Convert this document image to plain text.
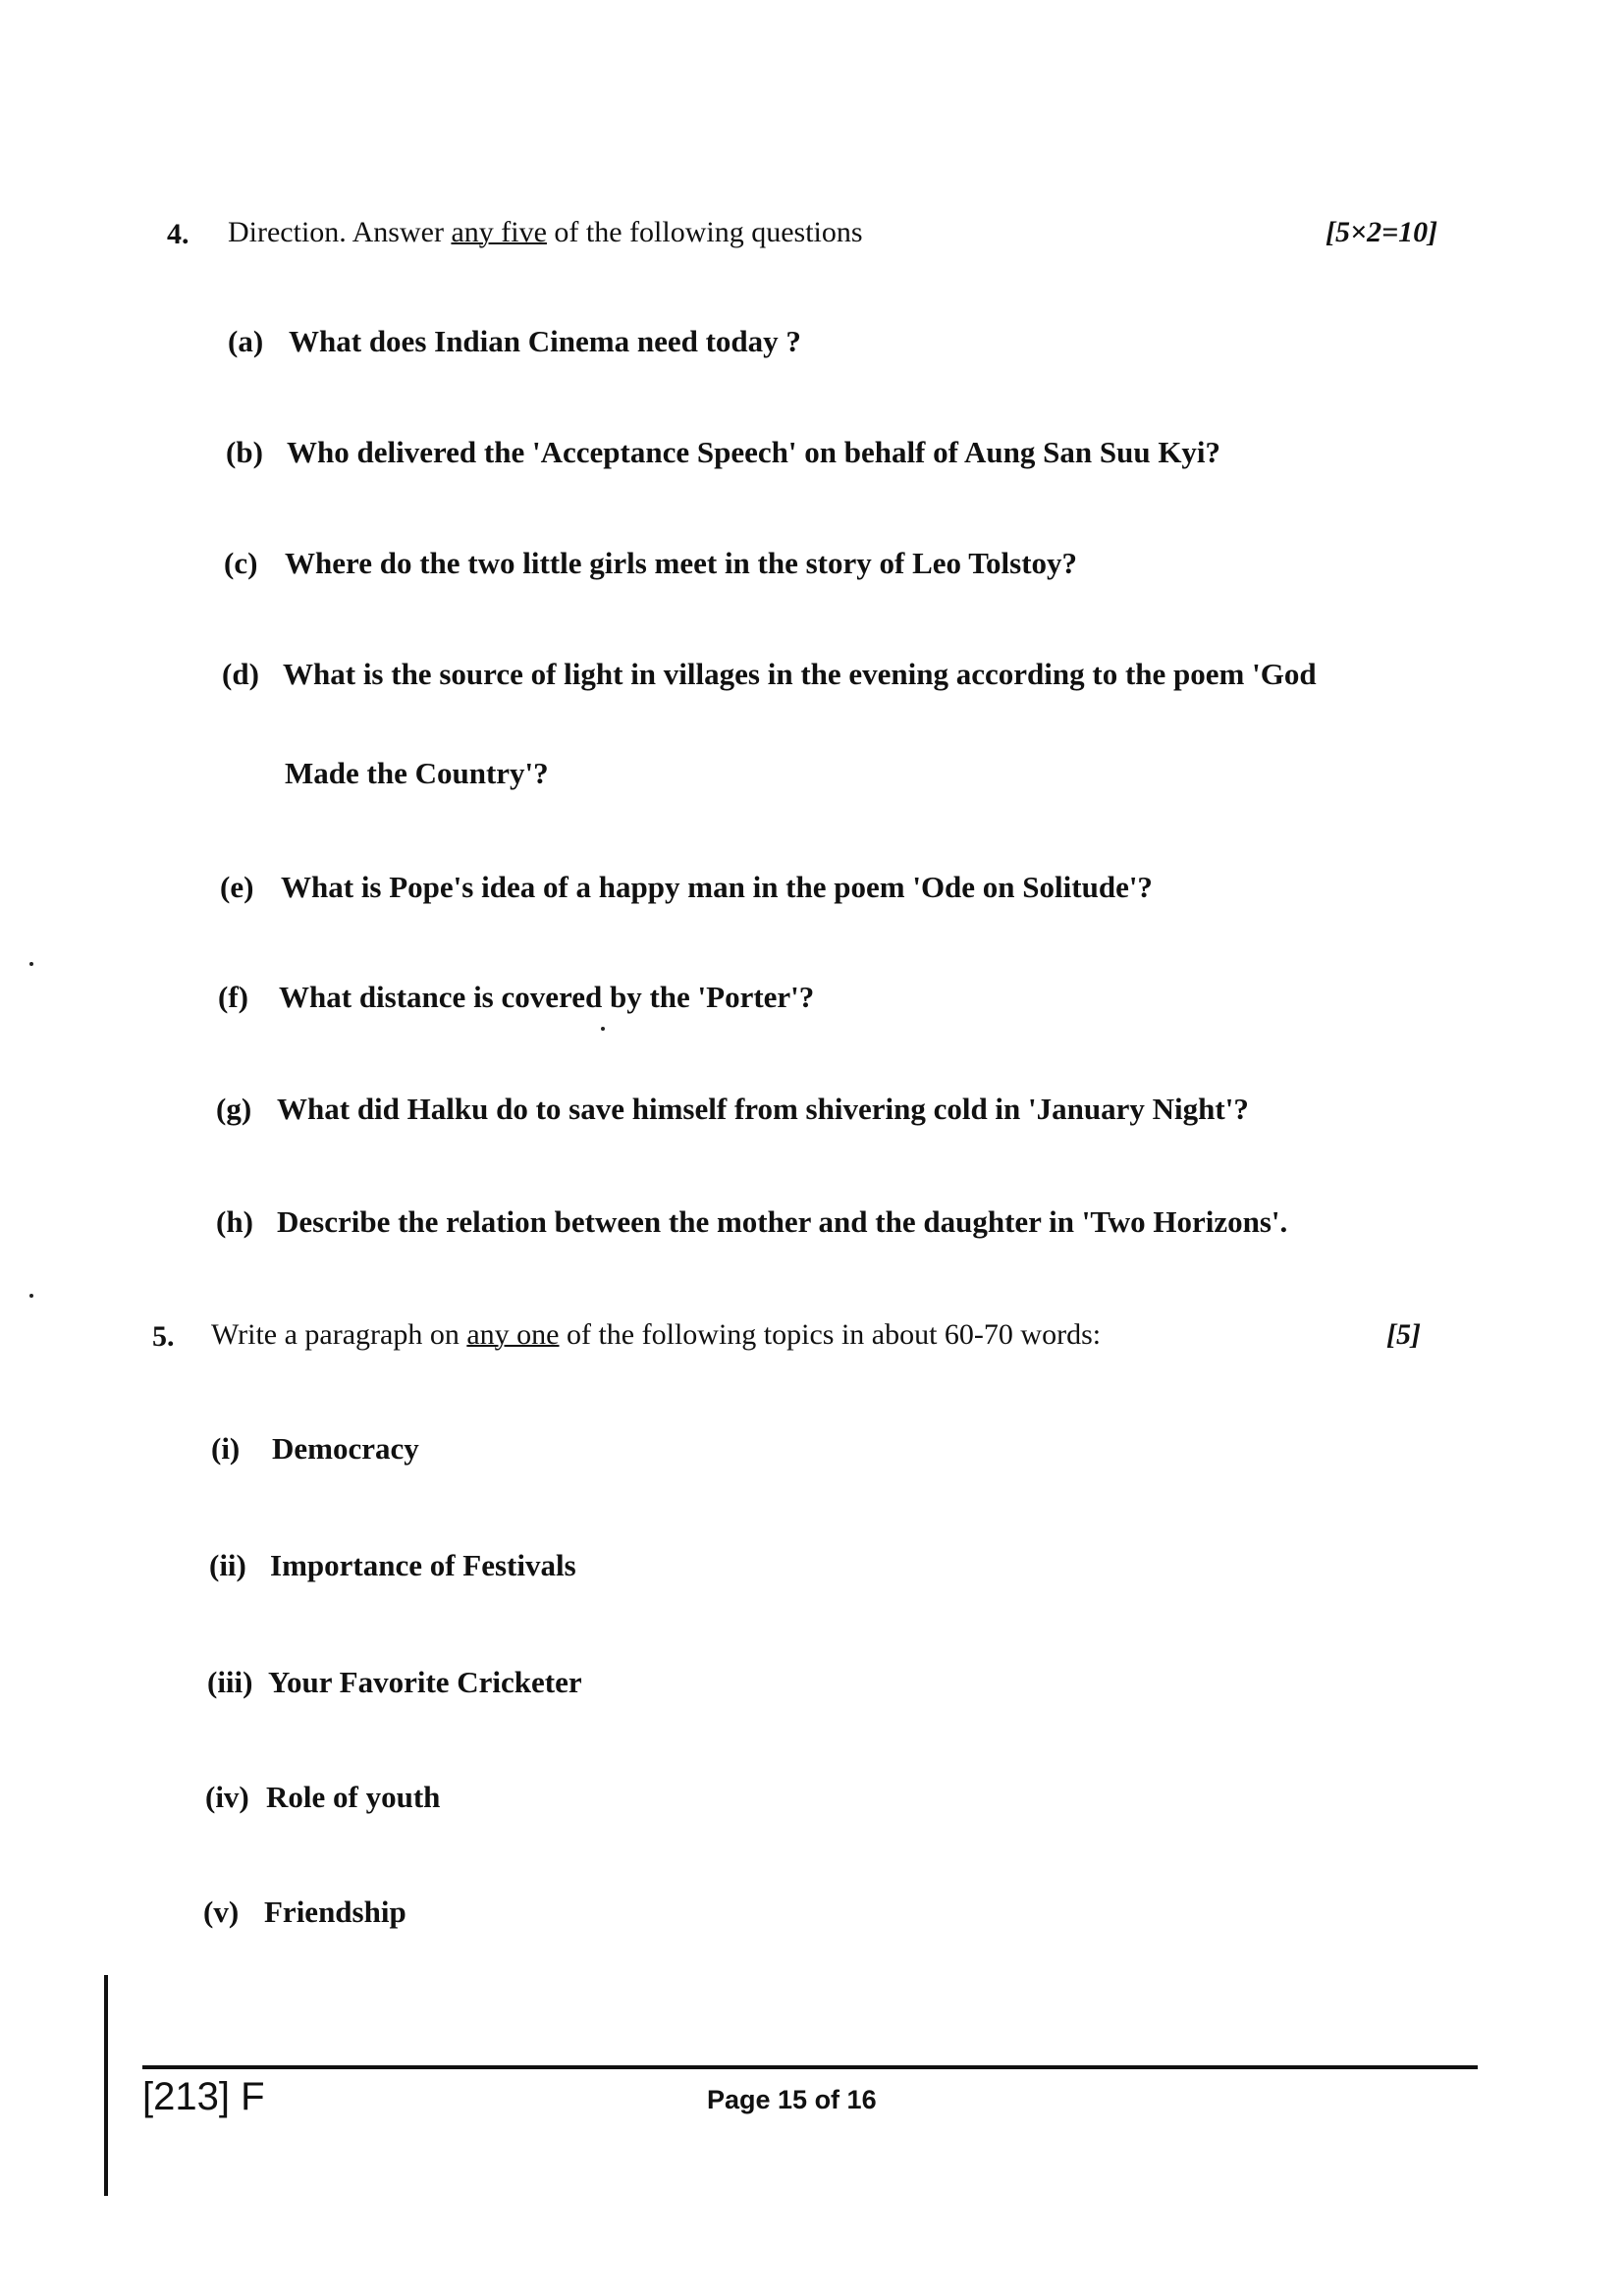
4. Direction. Answer any five of the following questions	[5×2=10]
(a) What does Indian Cinema need today ?
(b) Who delivered the 'Acceptance Speech' on behalf of Aung San Suu Kyi?
(c) Where do the two little girls meet in the story of Leo Tolstoy?
(d) What is the source of light in villages in the evening according to the poem 'God
Made the Country'?
(e) What is Pope's idea of a happy man in the poem 'Ode on Solitude'?
(f) What distance is covered by the 'Porter'?
(g) What did Halku do to save himself from shivering cold in 'January Night'?
(h) Describe the relation between the mother and the daughter in 'Two Horizons'.
5. Write a paragraph on any one of the following topics in about 60-70 words:	[5]
(i) Democracy
(ii) Importance of Festivals
(iii) Your Favorite Cricketer
(iv) Role of youth
(v) Friendship
[213] F	Page 15 of 16
